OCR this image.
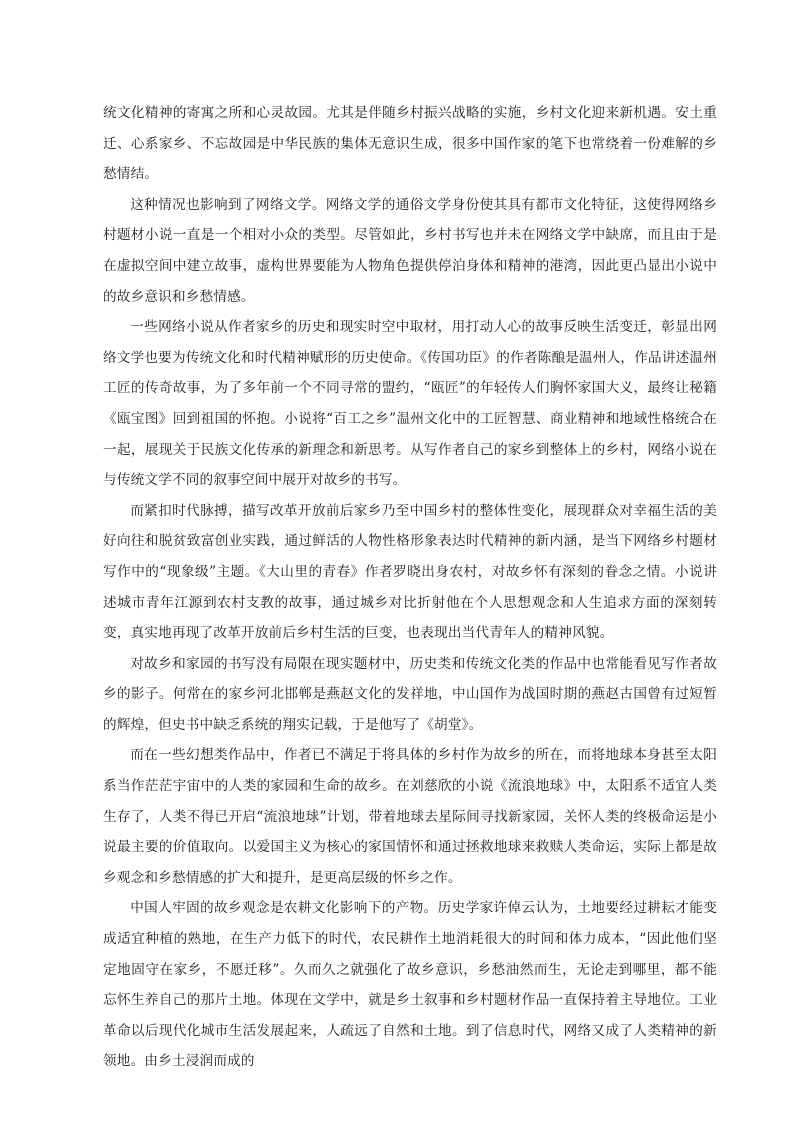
统文化精神的寄寓之所和心灵故园。尤其是伴随乡村振兴战略的实施，乡村文化迎来新机遇。安土重迁、心系家乡、不忘故园是中华民族的集体无意识生成，很多中国作家的笔下也常绕着一份难解的乡愁情结。

这种情况也影响到了网络文学。网络文学的通俗文学身份使其具有都市文化特征，这使得网络乡村题材小说一直是一个相对小众的类型。尽管如此，乡村书写也并未在网络文学中缺席，而且由于是在虚拟空间中建立故事，虚构世界要能为人物角色提供停泊身体和精神的港湾，因此更凸显出小说中的故乡意识和乡愁情感。

一些网络小说从作者家乡的历史和现实时空中取材，用打动人心的故事反映生活变迁，彰显出网络文学也要为传统文化和时代精神赋形的历史使命。《传国功臣》的作者陈酿是温州人，作品讲述温州工匠的传奇故事，为了多年前一个不同寻常的盟约，“瓯匠”的年轻传人们胸怀家国大义，最终让秘籍《瓯宝图》回到祖国的怀抱。小说将“百工之乡”温州文化中的工匠智慧、商业精神和地域性格统合在一起，展现关于民族文化传承的新理念和新思考。从写作者自己的家乡到整体上的乡村，网络小说在与传统文学不同的叙事空间中展开对故乡的书写。

而紧扣时代脉搏，描写改革开放前后家乡乃至中国乡村的整体性变化，展现群众对幸福生活的美好向往和脱贫致富创业实践，通过鲜活的人物性格形象表达时代精神的新内涵，是当下网络乡村题材写作中的“现象级”主题。《大山里的青春》作者罗晓出身农村，对故乡怀有深刻的眷念之情。小说讲述城市青年江源到农村支教的故事，通过城乡对比折射他在个人思想观念和人生追求方面的深刻转变，真实地再现了改革开放前后乡村生活的巨变，也表现出当代青年人的精神风貌。

对故乡和家园的书写没有局限在现实题材中，历史类和传统文化类的作品中也常能看见写作者故乡的影子。何常在的家乡河北邯郸是燕赵文化的发祥地，中山国作为战国时期的燕赵古国曾有过短暂的辉煌，但史书中缺乏系统的翔实记载，于是他写了《胡堂》。

而在一些幻想类作品中，作者已不满足于将具体的乡村作为故乡的所在，而将地球本身甚至太阳系当作茫茫宇宙中的人类的家园和生命的故乡。在刘慈欣的小说《流浪地球》中，太阳系不适宜人类生存了，人类不得已开启“流浪地球”计划，带着地球去星际间寻找新家园，关怀人类的终极命运是小说最主要的价值取向。以爱国主义为核心的家国情怀和通过拯救地球来救赎人类命运，实际上都是故乡观念和乡愁情感的扩大和提升，是更高层级的怀乡之作。

中国人牢固的故乡观念是农耕文化影响下的产物。历史学家许倬云认为，土地要经过耕耘才能变成适宜种植的熟地，在生产力低下的时代，农民耕作土地消耗很大的时间和体力成本，“因此他们坚定地固守在家乡，不愿迁移”。久而久之就强化了故乡意识，乡愁油然而生，无论走到哪里，都不能忘怀生养自己的那片土地。体现在文学中，就是乡土叙事和乡村题材作品一直保持着主导地位。工业革命以后现代化城市生活发展起来，人疏远了自然和土地。到了信息时代，网络又成了人类精神的新领地。由乡土浸润而成的
